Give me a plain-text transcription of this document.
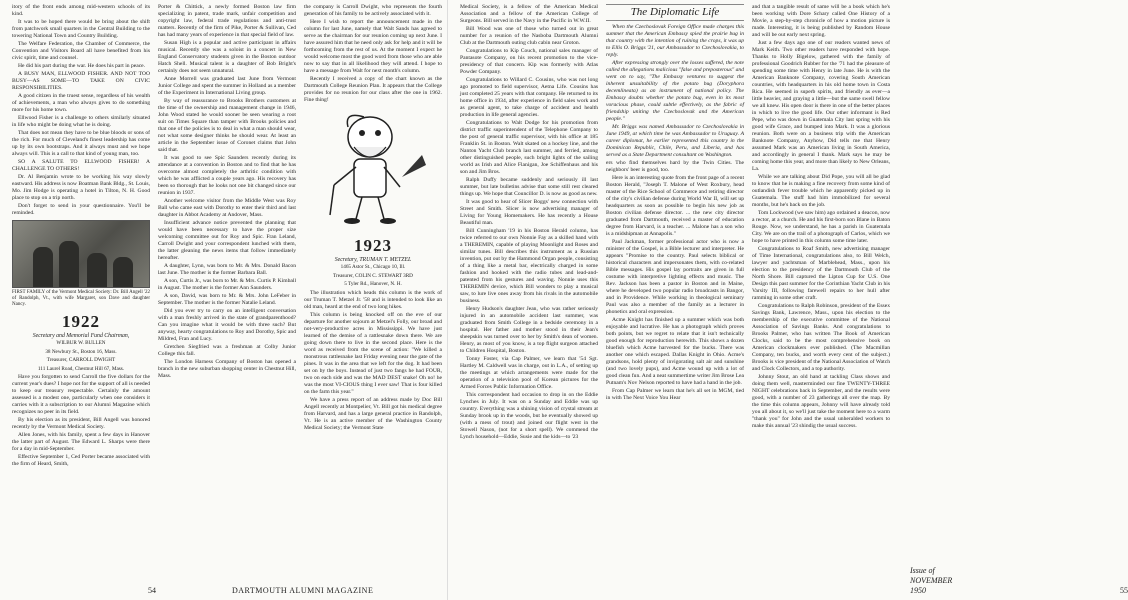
itory of the front ends among mid-western schools of its kind.

It was to be hoped there would be bring about the shift from patchwork small quarters in the Central Building to the towering National Town and Country Building.

The Welfare Federation, the Chamber of Commerce, the Convention and Visitors Board all have benefited from his civic spirit, time and counsel.

He did his part during the war. He does his part in peace.

A BUSY MAN, ELLWOOD FISHER. AND NOT TOO BUSY—AS SOME—TO TAKE ON CIVIC RESPONSIBILITIES.

A good citizen in the truest sense, regardless of his wealth of achievements, a man who always gives to do something more for his home town.

Ellwood Fisher is a challenge to others similarly situated in life who might be doing what he is doing.

That does not mean they have to be blue bloods or sons of the rich. For much of Cleveland's finest leadership has come up by its own bootstraps. And it always must and we hope always will. This is a call to that kind of young man, too.

SO A SALUTE TO ELLWOOD FISHER! A CHALLENGE TO OTHERS!

Dr. Al Benjamin wrote to be working his way slowly eastward. His address is now Boatman Bank Bldg., St. Louis, Mo. Jim Hodge is operating a hotel in Tilton, N. H. Good place to stop on a trip north.

Don't forget to send in your questionnaire. You'll be reminded.

FIRST FAMILY of the Vermont Medical Society: Dr. Bill Angell '22 of Randolph, Vt., with wife Margaret, son Dave and daughter Nancy.
1922
Secretary and Memorial Fund Chairman,
WILBUR W. BULLEN
38 Newbury St., Boston 16, Mass.
Treasurer, CARROLL DWIGHT
111 Laurel Road, Chestnut Hill 67, Mass.

Have you forgotten to send Carroll the five dollars for the current year's dues? I hope not for the support of all is needed to keep our treasury respectable. Certainly the amount assessed is a modest one, particularly when one considers it carries with it a subscription to our Alumni Magazine which recognizes no peer in its field.

By his election as its president, Bill Angell was honored recently by the Vermont Medical Society.

Allen Jones, with his family, spent a few days in Hanover the latter part of August. The Edward L. Sharps were there for a day in mid-September.

Effective September 1, Ced Porter became associated with the firm of Heard, Smith,

Porter & Chittick, a newly formed Boston law firm specializing in patent, trade mark, unfair competition and copyright law, federal trade regulations and anti-trust matters. Recently of the firm of Pike, Porter & Sullivan, Ced has had many years of experience in that special field of law.

Susan High is a popular and active participant in affairs musical. Recently she was a soloist in a concert in New England Conservatory students given in the Boston outdoor Hatch Shell. Musical talent is a daughter of Bob Bright's certainly does not seem unnatural.

Anne Morrell was graduated last June from Vermont Junior College and spent the summer in Holland as a member of the Experiment in International Living group.

By way of reassurance to Brooks Brothers customers at the time of the ownership and management change in 1946, John Wood stated he would sooner be seen wearing a root suit on Times Square than tamper with Brooks policies and that one of the policies is to deal in what a man should wear, not what some designer thinks he should wear. At least an article in the September issue of Coronet claims that John said that.

It was good to see Spic Saunders recently during its attendance at a convention in Boston and to find that he has overcome almost completely the arthritic condition with which he was afflicted a couple years ago. His recovery has been so thorough that he looks not one bit changed since our reunion in 1937.

Another welcome visitor from the Middle West was Roy Ball who came east with Dorothy to enter their third and last daughter in Abbot Academy at Andover, Mass.

Insufficient advance notice prevented the planning that would have been necessary to have the proper size welcoming committee out for Roy and Spic. Fran Leland, Carroll Dwight and your correspondent lunched with them, the latter gleaning the news items that follow immediately hereafter.

A daughter, Lynn, was born to Mr. & Mrs. Donald Bacon last June. The mother is the former Barbara Ball.

A son, Curtis Jr., was born to Mr. & Mrs. Curtis P. Kimball in August. The mother is the former Ann Saunders.

A son, David, was born to Mr. & Mrs. John LeFeber in September. The mother is the former Natalie Leland.

Did you ever try to carry on an intelligent conversation with a man freshly arrived in the state of grandparenthood? Can you imagine what it would be with three such? But anyway, hearty congratulations to Roy and Dorothy, Spic and Mildred, Fran and Lucy.

Gretchen Siegfried was a freshman at Colby Junior College this fall.

The London Harness Company of Boston has opened a branch in the new suburban shopping center in Chestnut Hill, Mass.

the company is Carroll Dwight, who represents the fourth generation of his family to be actively associated with it.

Here I wish to report the announcement made in the column for last June, namely that Walt Sands has agreed to serve as the chairman for our reunion coming up next June. I have assured him that he need only ask for help and it will be forthcoming from the rest of us. At the moment I expect he would welcome most the good word from those who are able now to say that in all likelihood they will attend. I hope to have a message from Walt for next month's column.

Recently I received a copy of the chart known as the Dartmouth College Reunion Plan. It appears that the College provides for no reunion for our class after the one in 1962. Fine thing!

1923
Secretary, TRUMAN T. METZEL
1465 Astor St., Chicago 10, Ill.
Treasurer, COLIN C. STEWART 3RD
5 Tyler Rd., Hanover, N. H.

The illustration which heads this column is the work of our Truman T. Metzel Jr. '58 and is intended to look like an old man, heard at the end of two long hikes.

This column is being knocked off on the eve of our departure for another sojourn at Metzel's Folly, our broad and not-very-productive acres in Mississippi. We have just learned of the demise of a rattlesnake down there. We are going down there to live in the second place. Here is the word as received from the scene of action: "We killed a monstrous rattlesnake last Friday evening near the gate of the pines. It was in the area that we left for the dog. It had been set on by the boys. Instead of just two fangs he had FOUR, two on each side and was the MAD DEST snake! Oh no! he was the most VI-CIOUS thing I ever saw! That is four killed on the farm this year."

We have a press report of an address made by Doc Bill Angell recently at Montpelier, Vt. Bill got his medical degree from Harvard, and has a large general practice in Randolph, Vt. He is an active member of the Washington County Medical Society; the Vermont State

54	DARTMOUTH ALUMNI MAGAZINE

Medical Society, is a fellow of the American Medical Association and a fellow of the American College of Surgeons. Bill served in the Navy in the Pacific in W.W.II.

Bill Wood was one of those who turned out in great number for a reunion of the Nasboba Dartmouth Alumni Club at the Dartmouth outing club cabin near Groton.

Congratulations to Kip Couch, national sales manager of Pantasote Company, on his recent promotion to the vice-presidency of that concern. Kip was formerly with Atlas Powder Company.

Congratulations to Willard C. Cousins, who was not long ago promoted to field supervisor, Aetna Life. Cousins has just completed 25 years with that company. He returned to its home office in 1934, after experience in field sales work and as general agent, to take charge of accident and health production in life general agencies.

Congratulations to Walt Dodge for his promotion from district traffic superintendent of the Telephone Company to the post of general traffic supervisor, with his office at 185 Franklin St. in Boston. Walt skated on a hockey line, and the Nanton Yacht Club branch last summer, and ferried, among other distinguished people, such bright lights of the sailing world as Irish and Alice Flanigan, Joe Schiffenhaus and his son and Jim Bros.

Ralph Duffy became suddenly and seriously ill last summer, but late bulletins advise that some still rest cleared things up. We hope that Councillor D. is now as good as new.

It was good to hear of Slicer Boggs' new connection with Street and Smith. Slicer is now advertising manager of Living for Young Homemakers. He has recently a House Beautiful man.

Bill Cunningham '19 in his Boston Herald column, has twice referred to our own Nonnie Fay as a skilled hand with a THEREMIN, capable of playing Moonlight and Roses and similar tunes. Bill describes this instrument as a Russian invention, put out by the Hammond Organ people, consisting of a thing like a metal bar, electrically charged in some fashion and hooked with the radio tubes and lead-and-patented from his gestures and waving. Nonnie uses this THEREMIN device, which Bill wonders to play a musical saw, to lure live ones away from his rivals in the automobile business.

Henry Hudson's daughter Jean, who was rather seriously injured in an automobile accident last summer, was graduated from Smith College in a bedside ceremony in a hospital. Her father and mother stood in their Jean's sheepskin was turned over to her by Smith's dean of women. Henry, as most of you know, is a top flight surgeon attached to Children Hospital, Boston.

Tonny Foster, via Cap Palmer, we learn that '54 Sgt. Hartley M. Caldwell was in charge, out in L.A., of setting up the meetings at which arrangements were made for the operation of a television pool of Korean pictures for the Armed Forces Public Information Office.

This correspondent had occasion to drop in on the Eddie Lynches in July. It was on a Sunday and Eddie was up country. Everything was a shining vision of crystal stream at Sunday brook up in the woods, but he eventually showed up (with a mess of trout) and joined our flight west in the Stowell Nason, (not for a short spell). We commend the Lynch household—Eddie, Susie and the kids—to '23

The Diplomatic Life

When the Czechoslovak Foreign Office made charges this summer that the American Embassy spied the prairie bug in that country with the intention of ruining the crops, it was up to Ellis O. Briggs '21, our Ambassador to Czechoslovakia, to reply.

After expressing strongly over the losses suffered, the note called the allegations malicious "false and preposterous" and went on to say, "The Embassy ventures to suggest the inherent unsuitability of the potato bug (Doryphora decemlineata) as an instrument of national policy. The Embassy doubts whether the potato bug, even in its most voracious phase, could subtle effectively, as the fabric of friendship uniting the Czechoslovak and the American people."

Mr. Briggs was named Ambassador to Czechoslovakia in June 1949, at which time he was Ambassador to Uruguay. A career diplomat, he earlier represented this country in the Dominican Republic, Chile, Peru, and Liberia, and has served as a State Department consultant on Washington.

ers who find themselves hard by the Twin Cities. The neighbors' beer is good, too.

Here is an interesting quote from the front page of a recent Boston Herald, "Joseph T. Malone of West Roxbury, head master of the Rice School of Commerce and retiring director of the city's civilian defense during World War II, will set up headquarters as soon as possible to begin his new job as Boston civilian defense director. ... the new city director graduated from Dartmouth, received a master of education degree from Harvard, is a teacher. ... Malone has a son who is a midshipman at Annapolis."

Paul Jackman, former professional actor who is now a minister of the Gospel, is a Bible lecturer and interpreter. He appears "Promise to the country. Paul selects biblical or historical characters and impersonates them, with co-related Bible messages. His gospel lay portraits are given in full costume with interpretive lighting effects and music. The Rev. Jackson has been a pastor in Boston and in Maine, where he developed two popular radio broadcasts in Bangor, and in Providence. While working in theological seminary Paul was also a member of the family as a lecturer in phonetics and oral expression.

Acme Knight has finished up a summer which was both enjoyable and lucrative. He has a photograph which proves both points, but we regret to relate that it isn't technically good enough for reproduction herewith. This shows a dozen bluefish which Acme harvested for the bucks. There was another one which escaped. Dallas Knight in Ohio. Acme's grandsons, hold plenty of invigorating salt air and sunshine (and two lovely pups), and Acme wound up with a lot of good clean fun. And a neat summertime writer Jim Brose Lea Putnam's Nov Nelson reported to have had a hand in the job.

From Cap Palmer we learn that he's all set in MGM, tied in with The Next Voice You Hear

and that a tangible result of same will be a book which he's been working with Dore Schary called One History of a Movie, a step-by-step chronicle of how a motion picture is made. Interesting, it is being published by Random House and will be out early next spring.

Just a few days ago one of our readers wanted news of Mark Keith. Two other readers have responded with hope. Thanks to Holly Bigelow, gathered with the family of professional Goodrich Rubber for the '71 had the pleasure of spending some time with Henry in late June. He is with the American Banknote Company, covering South American countries, with headquarters in his old home town in Costa Rica. He seemed in superb spirits, and friendly as ever—a little heavier, and graying a little—but the same swell fellow we all knew. His open door is there in one of the better places in which to live the good life. Our other informant is Red Pepe, who was down in Guatemala City last spring with his good wife Grace, and bumped into Mark. It was a glorious reunion. Both were on a business trip with the American Banknote Company, Anyhow, Did tells me that Henry assumed Mark was an American living in South America, and accordingly in general I thank. Mark says he may be coming home this year, and more than likely to New Orleans, La.

While we are talking about Did Pope, you will all be glad to know that he is making a fine recovery from some kind of outlandish fever trouble which he apparently picked up in Guatemala. The stuff had him immobilized for several months, but he's back on the job.

Tom Lockwood (we saw him) ago ordained a deacon, now a rector, at a church. He and his first-born son Blane in Baton Rouge. Now, we understand, he has a parish in Guatemala City. We are on the trail of a photograph of Carlos, which we hope to have printed in this column some time later.

Congratulations to Roaf Smith, new advertising manager of Time International, congratulations also, to Bill Welch, lawyer and yachtsman of Marblehead, Mass., upon his election to the presidency of the Dartmouth Club of the North Shore. Bill captured the Lipton Cup for U.S. One Design this past summer for the Corinthian Yacht Club in his Varsity III, following farewell repairs to her hull after ramming in some other craft.

Congratulations to Ralph Robinson, president of the Essex Savings Bank, Lawrence, Mass., upon his election to the membership of the executive committee of the National Association of Savings Banks. And congratulations to Brooks Palmer, who has written The Book of American Clocks, said to be the most comprehensive book on American clockmakers ever published. (The Macmillan Company, ten bucks, and worth every cent of the subject.) Brooks is vice president of the National Association of Watch and Clock Collectors, and a top authority.

Johnny Stout, an old hand at tackling Class shows and doing them well, masterminded our fine TWENTY-THREE NIGHT celebrations back in September, and the results were good, with a number of 23 gatherings all over the map. By the time this column appears, Johnny will have already told you all about it, so we'll just take the moment here to a warm "thank you" for John and the usual unheralded workers to make this annual '23 shindig the usual success.

Issue of NOVEMBER 1950	55
